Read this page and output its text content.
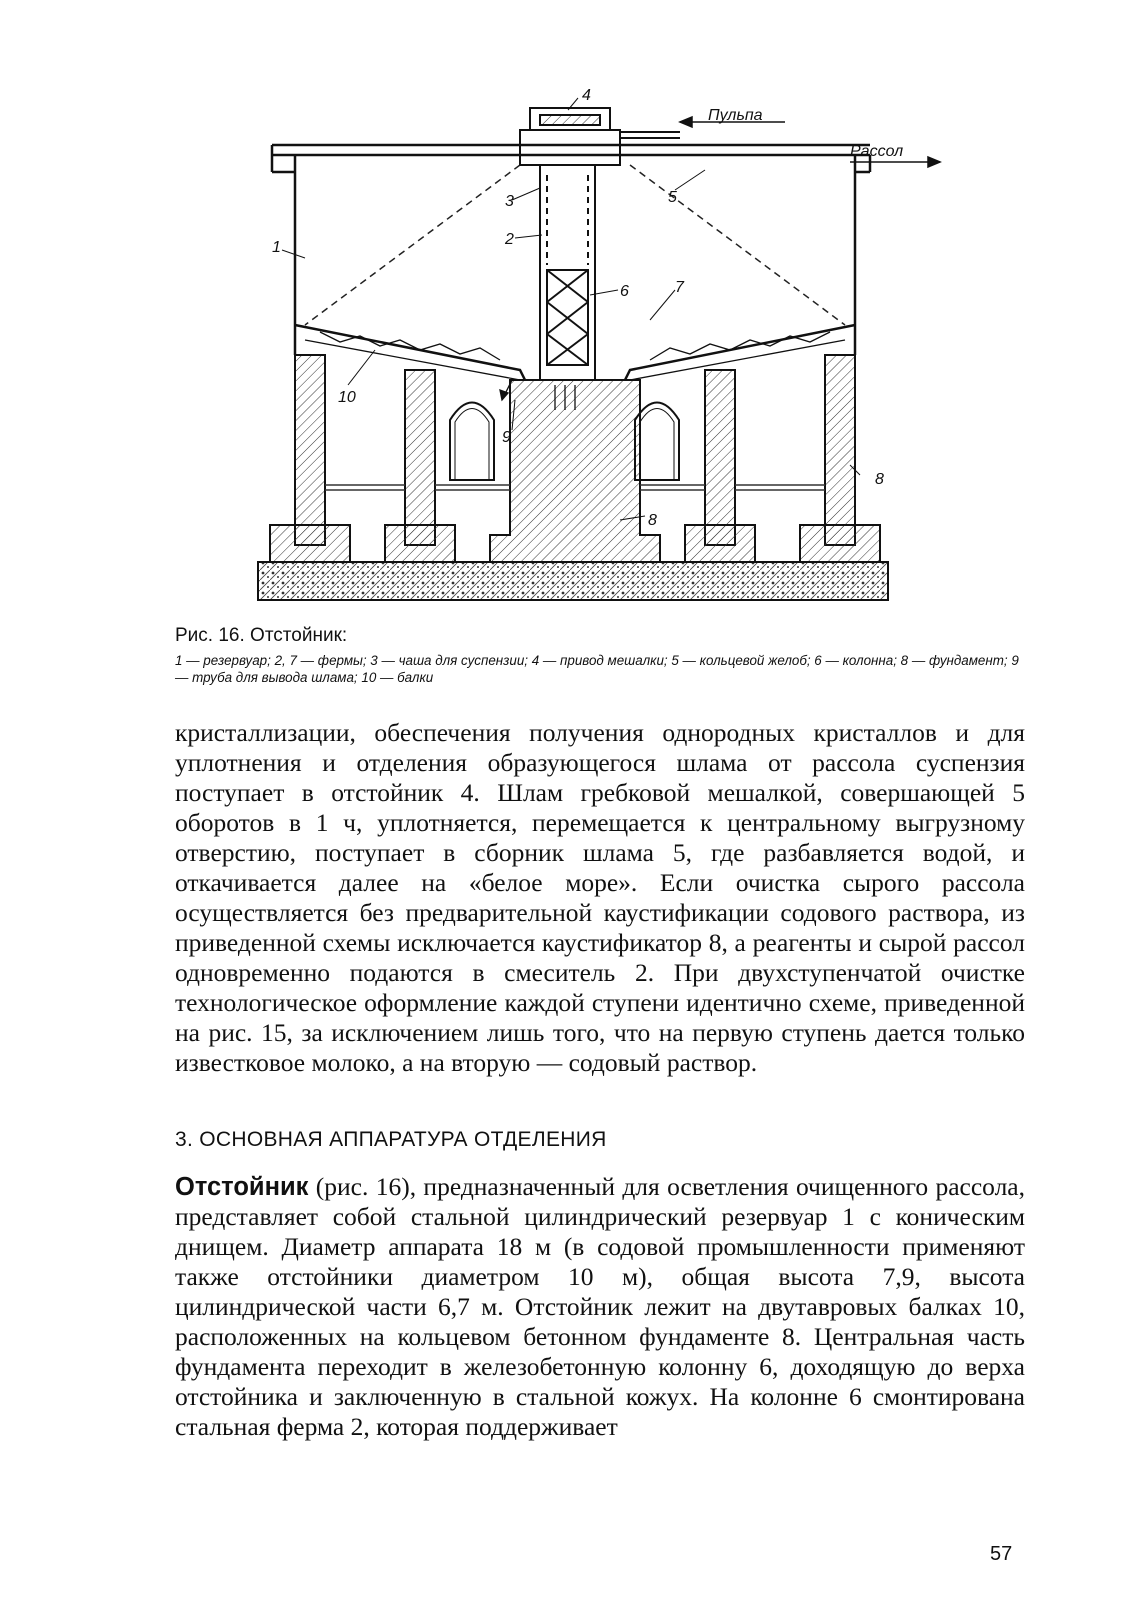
4
Пульпа
Рассол
1
3
2
5
6	7
10
9
8
8
Рис. 16. Отстойник:
1 — резервуар; 2, 7 — фермы; 3 — чаша для суспензии; 4 — привод мешалки; 5 — кольцевой желоб; 6 — колонна; 8 — фундамент; 9 — труба для вывода шлама; 10 — балки

кристаллизации, обеспечения получения однородных кристаллов и для уплотнения и отделения образующегося шлама от рассола суспензия поступает в отстойник 4. Шлам гребковой мешалкой, совершающей 5 оборотов в 1 ч, уплотняется, перемещается к центральному выгрузному отверстию, поступает в сборник шлама 5, где разбавляется водой, и откачивается далее на «белое море». Если очистка сырого рассола осуществляется без предварительной каустификации содового раствора, из приведенной схемы исключается каустификатор 8, а реагенты и сырой рассол одновременно подаются в смеситель 2. При двухступенчатой очистке технологическое оформление каждой ступени идентично схеме, приведенной на рис. 15, за исключением лишь того, что на первую ступень дается только известковое молоко, а на вторую — содовый раствор.

3. ОСНОВНАЯ АППАРАТУРА ОТДЕЛЕНИЯ

Отстойник (рис. 16), предназначенный для осветления очищенного рассола, представляет собой стальной цилиндрический резервуар 1 с коническим днищем. Диаметр аппарата 18 м (в содовой промышленности применяют также отстойники диаметром 10 м), общая высота 7,9, высота цилиндрической части 6,7 м. Отстойник лежит на двутавровых балках 10, расположенных на кольцевом бетонном фундаменте 8. Центральная часть фундамента переходит в железобетонную колонну 6, доходящую до верха отстойника и заключенную в стальной кожух. На колонне 6 смонтирована стальная ферма 2, которая поддерживает

57
